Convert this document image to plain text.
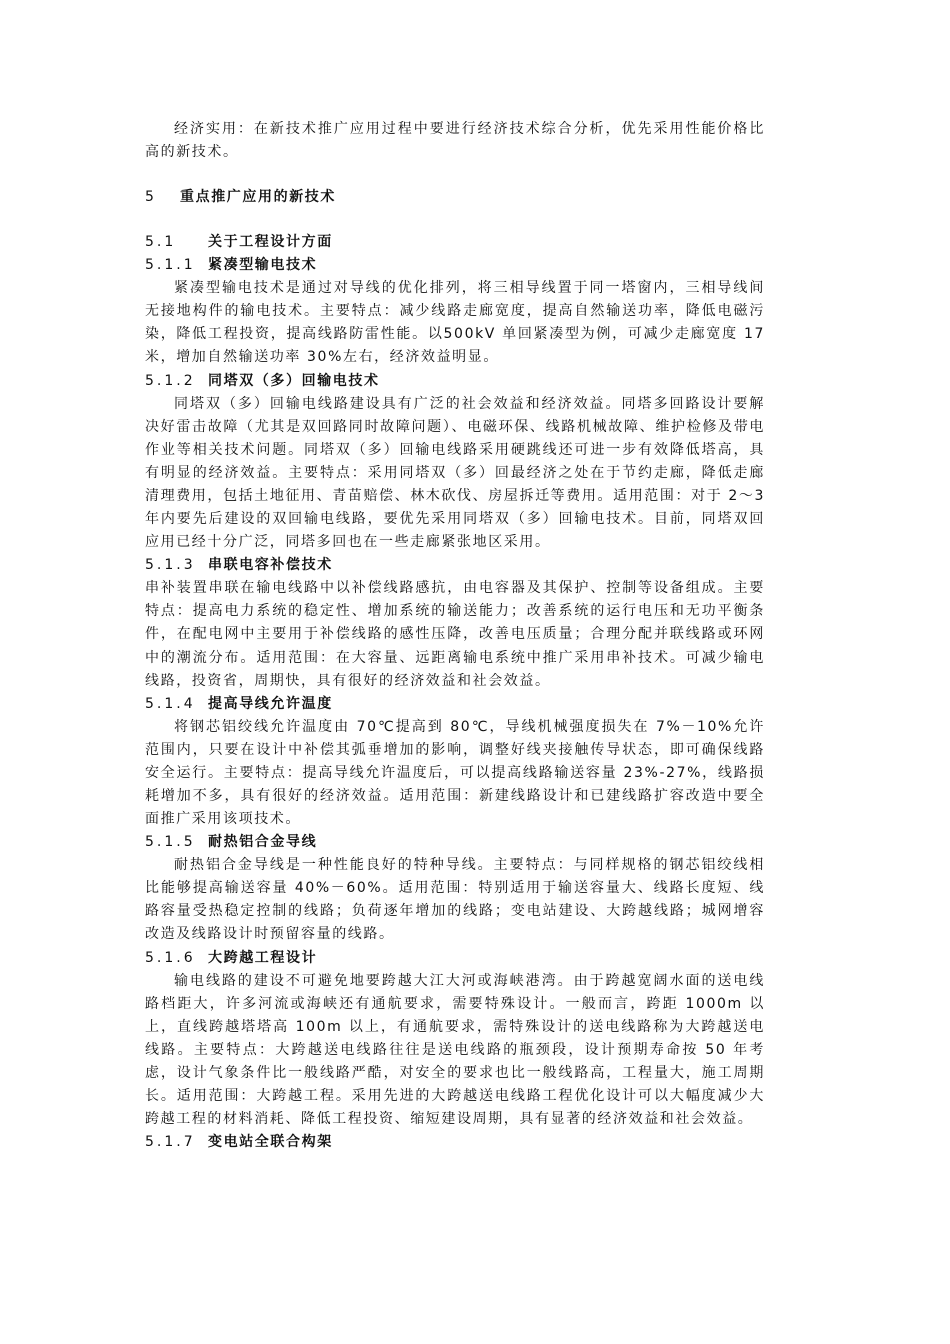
经济实用：在新技术推广应用过程中要进行经济技术综合分析，优先采用性能价格比高的新技术。

5 重点推广应用的新技术
5.1 关于工程设计方面
5.1.1 紧凑型输电技术

紧凑型输电技术是通过对导线的优化排列，将三相导线置于同一塔窗内，三相导线间无接地构件的输电技术。主要特点：减少线路走廊宽度，提高自然输送功率，降低电磁污染，降低工程投资，提高线路防雷性能。以500kV 单回紧凑型为例，可减少走廊宽度 17 米，增加自然输送功率 30%左右，经济效益明显。

5.1.2 同塔双（多）回输电技术

同塔双（多）回输电线路建设具有广泛的社会效益和经济效益。同塔多回路设计要解决好雷击故障（尤其是双回路同时故障问题）、电磁环保、线路机械故障、维护检修及带电作业等相关技术问题。同塔双（多）回输电线路采用硬跳线还可进一步有效降低塔高，具有明显的经济效益。主要特点：采用同塔双（多）回最经济之处在于节约走廊，降低走廊清理费用，包括土地征用、青苗赔偿、林木砍伐、房屋拆迁等费用。适用范围：对于 2～3 年内要先后建设的双回输电线路，要优先采用同塔双（多）回输电技术。目前，同塔双回应用已经十分广泛，同塔多回也在一些走廊紧张地区采用。

5.1.3 串联电容补偿技术

串补装置串联在输电线路中以补偿线路感抗，由电容器及其保护、控制等设备组成。主要特点：提高电力系统的稳定性、增加系统的输送能力；改善系统的运行电压和无功平衡条件，在配电网中主要用于补偿线路的感性压降，改善电压质量；合理分配并联线路或环网中的潮流分布。适用范围：在大容量、远距离输电系统中推广采用串补技术。可减少输电线路，投资省，周期快，具有很好的经济效益和社会效益。

5.1.4 提高导线允许温度

将钢芯铝绞线允许温度由 70℃提高到 80℃，导线机械强度损失在 7%－10%允许范围内，只要在设计中补偿其弧垂增加的影响，调整好线夹接触传导状态，即可确保线路安全运行。主要特点：提高导线允许温度后，可以提高线路输送容量 23%-27%，线路损耗增加不多，具有很好的经济效益。适用范围：新建线路设计和已建线路扩容改造中要全面推广采用该项技术。

5.1.5 耐热铝合金导线

耐热铝合金导线是一种性能良好的特种导线。主要特点：与同样规格的钢芯铝绞线相比能够提高输送容量 40%－60%。适用范围：特别适用于输送容量大、线路长度短、线路容量受热稳定控制的线路；负荷逐年增加的线路；变电站建设、大跨越线路；城网增容改造及线路设计时预留容量的线路。

5.1.6 大跨越工程设计

输电线路的建设不可避免地要跨越大江大河或海峡港湾。由于跨越宽阔水面的送电线路档距大，许多河流或海峡还有通航要求，需要特殊设计。一般而言，跨距 1000m 以上，直线跨越塔塔高 100m 以上，有通航要求，需特殊设计的送电线路称为大跨越送电线路。主要特点：大跨越送电线路往往是送电线路的瓶颈段，设计预期寿命按 50 年考虑，设计气象条件比一般线路严酷，对安全的要求也比一般线路高，工程量大，施工周期长。适用范围：大跨越工程。采用先进的大跨越送电线路工程优化设计可以大幅度减少大跨越工程的材料消耗、降低工程投资、缩短建设周期，具有显著的经济效益和社会效益。

5.1.7 变电站全联合构架
